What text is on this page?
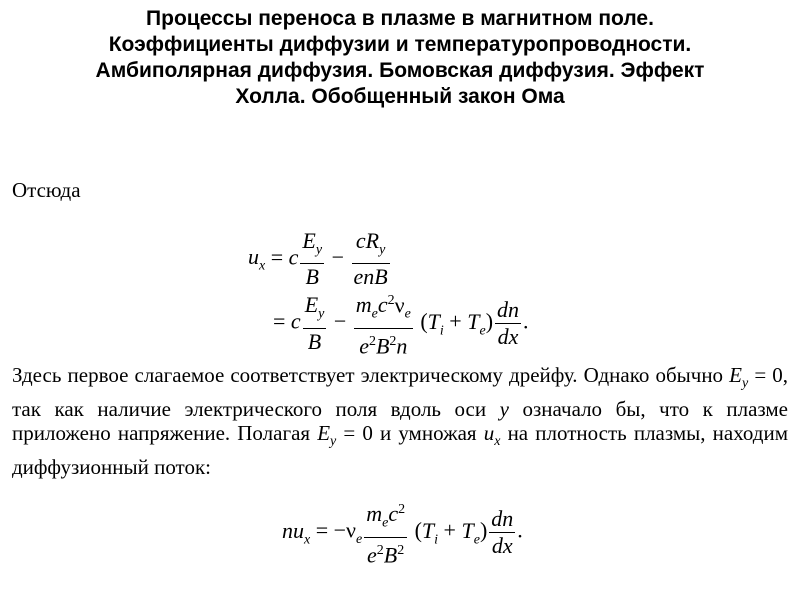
Процессы переноса в плазме в магнитном поле.
Коэффициенты диффузии и температуропроводности.
Амбиполярная диффузия. Бомовская диффузия. Эффект
Холла. Обобщенный закон Ома
Отсюда
$u_x = c \frac{E_y}{B} - \frac{cR_y}{\text{enB}}$
= c $\frac{E_y}{B} - \frac{m_ec^2\nu_e}{e^2B^2n} (T_i + T_e) \frac{dn}{dx}$ .
Здесь первое слагаемое соответствует электрическому дрейфу. Однако обычно $E_y = 0$, так как наличие электрического поля вдоль оси y означало бы, что к плазме приложено напряжение. Полагая $E_y = 0$ и умножая $u_x$ на плотность плазмы, находим диффузионный поток:
$nu_x = -\nu_e \frac{m_ec^2}{e^2B^2} (T_i + T_e) \frac{dn}{dx}$ .
